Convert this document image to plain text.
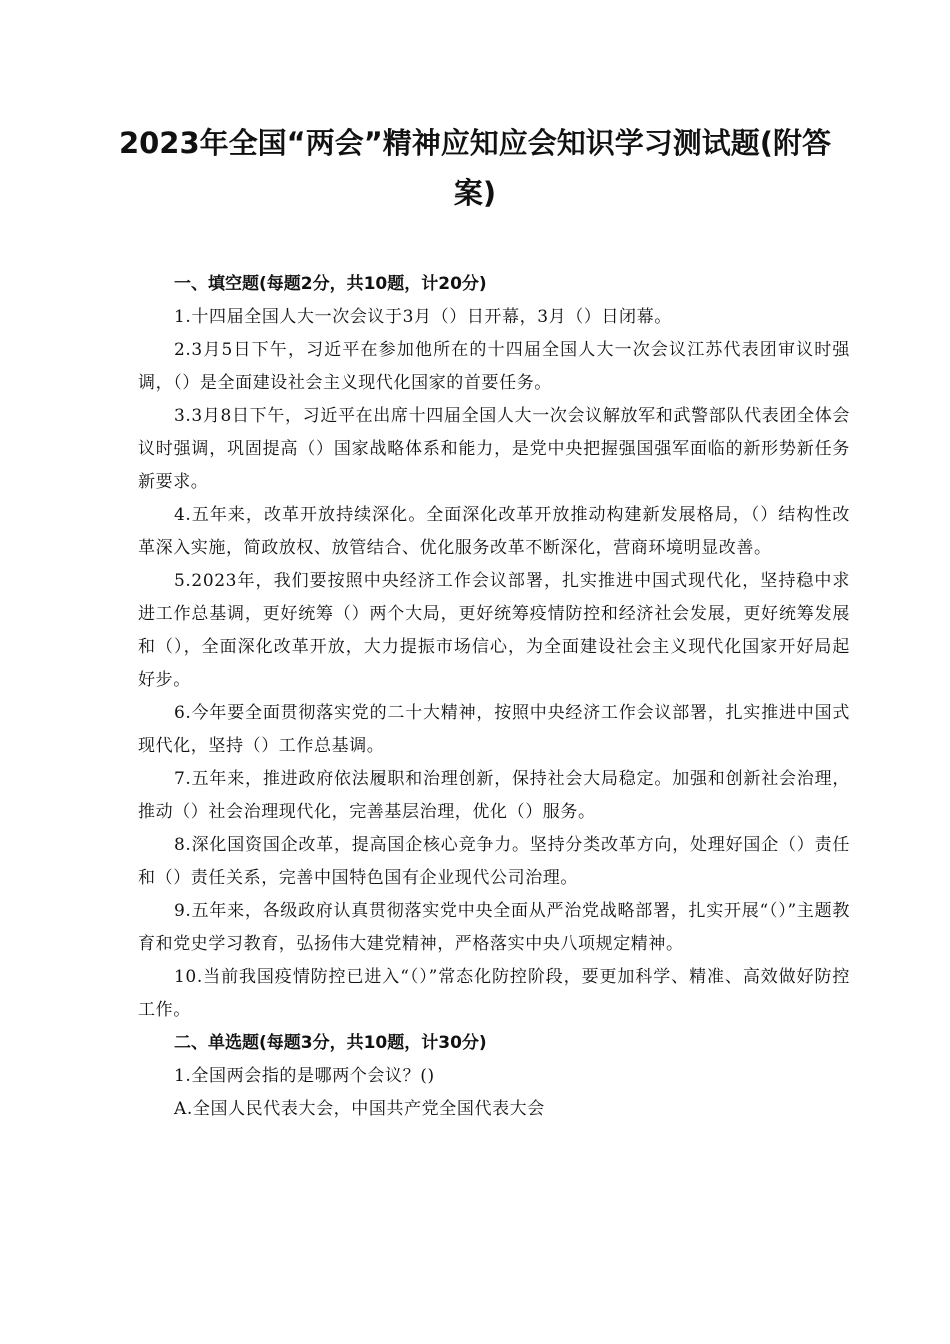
2023年全国“两会”精神应知应会知识学习测试题(附答案)

一、填空题(每题2分，共10题，计20分)

1.十四届全国人大一次会议于3月（）日开幕，3月（）日闭幕。

2.3月5日下午，习近平在参加他所在的十四届全国人大一次会议江苏代表团审议时强调，（）是全面建设社会主义现代化国家的首要任务。

3.3月8日下午，习近平在出席十四届全国人大一次会议解放军和武警部队代表团全体会议时强调，巩固提高（）国家战略体系和能力，是党中央把握强国强军面临的新形势新任务新要求。

4.五年来，改革开放持续深化。全面深化改革开放推动构建新发展格局，（）结构性改革深入实施，简政放权、放管结合、优化服务改革不断深化，营商环境明显改善。

5.2023年，我们要按照中央经济工作会议部署，扎实推进中国式现代化，坚持稳中求进工作总基调，更好统筹（）两个大局，更好统筹疫情防控和经济社会发展，更好统筹发展和（），全面深化改革开放，大力提振市场信心，为全面建设社会主义现代化国家开好局起好步。

6.今年要全面贯彻落实党的二十大精神，按照中央经济工作会议部署，扎实推进中国式现代化，坚持（）工作总基调。

7.五年来，推进政府依法履职和治理创新，保持社会大局稳定。加强和创新社会治理，推动（）社会治理现代化，完善基层治理，优化（）服务。

8.深化国资国企改革，提高国企核心竞争力。坚持分类改革方向，处理好国企（）责任和（）责任关系，完善中国特色国有企业现代公司治理。

9.五年来，各级政府认真贯彻落实党中央全面从严治党战略部署，扎实开展“（）”主题教育和党史学习教育，弘扬伟大建党精神，严格落实中央八项规定精神。

10.当前我国疫情防控已进入“（）”常态化防控阶段，要更加科学、精准、高效做好防控工作。

二、单选题(每题3分，共10题，计30分)

1.全国两会指的是哪两个会议？()

A.全国人民代表大会，中国共产党全国代表大会
